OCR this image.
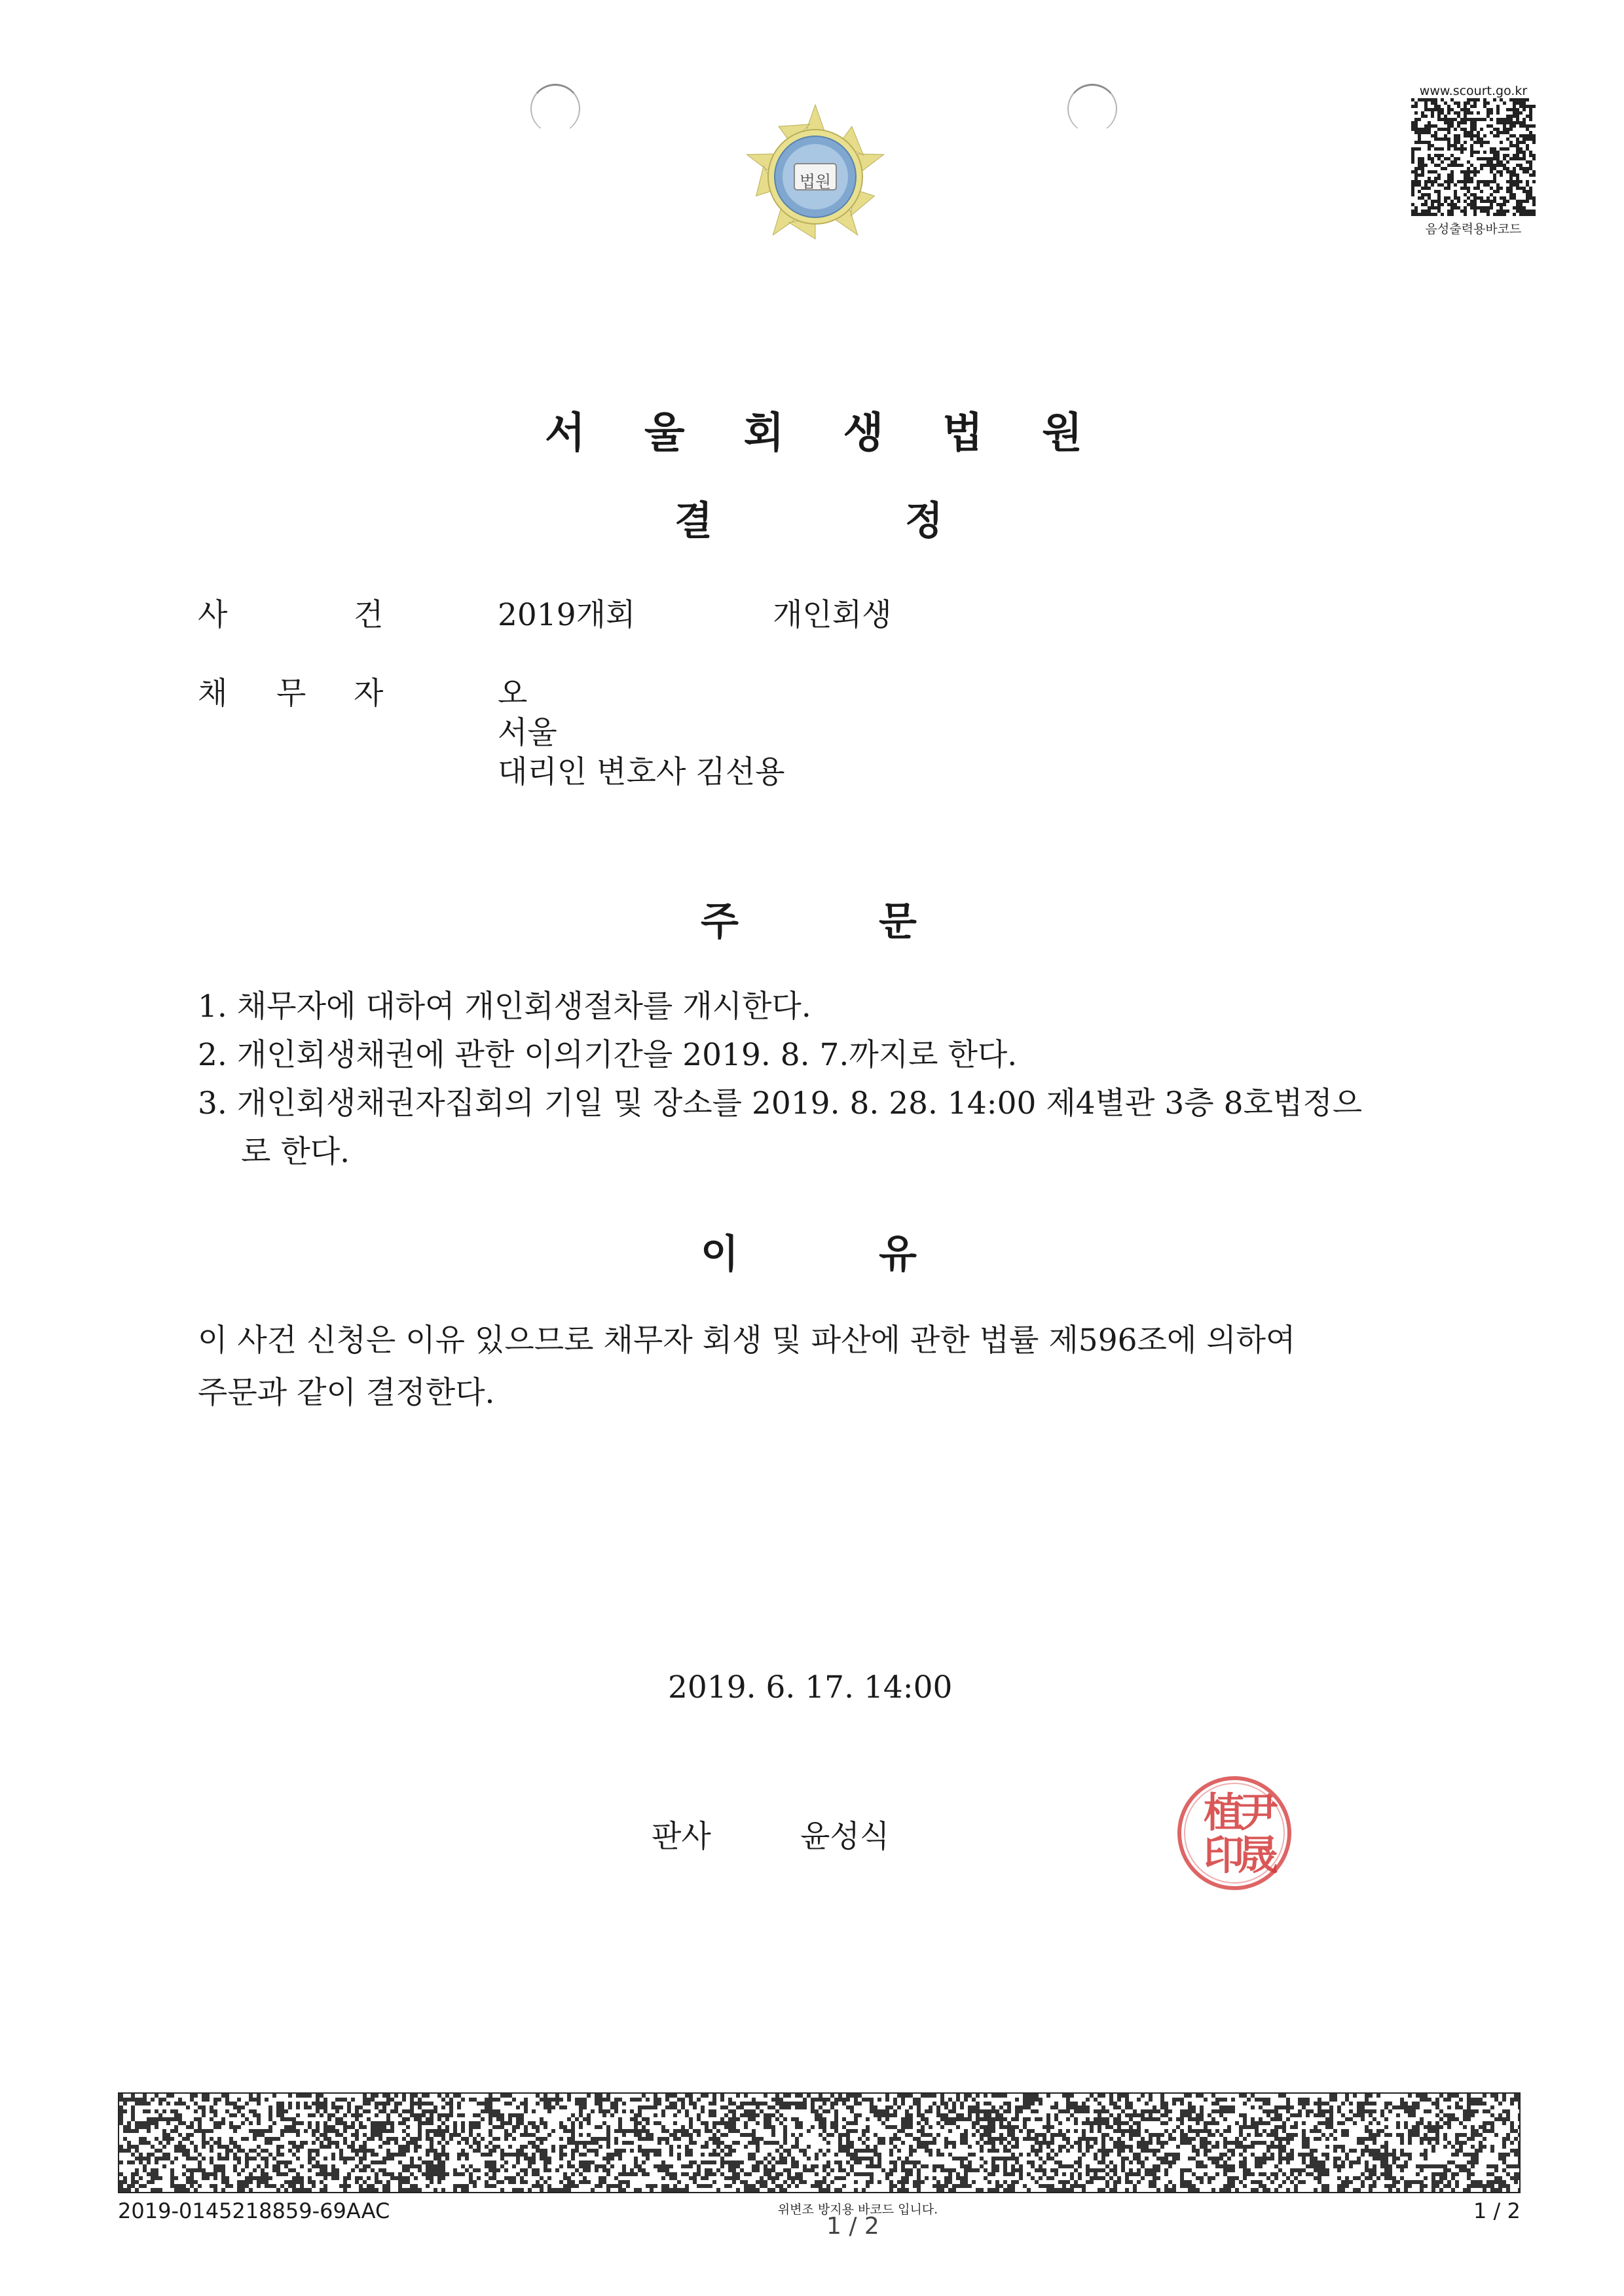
법원
www.scourt.go.kr
음성출력용바코드
서울회생법원
결	정
사	건	2019개회	개인회생
채 무 자	오
서울
대리인 변호사 김선용
주	문
1. 채무자에 대하여 개인회생절차를 개시한다.
2. 개인회생채권에 관한 이의기간을 2019. 8. 7.까지로 한다.
3. 개인회생채권자집회의 기일 및 장소를 2019. 8. 28. 14:00 제4별관 3층 8호법정으
로 한다.
이	유
이 사건 신청은 이유 있으므로 채무자 회생 및 파산에 관한 법률 제596조에 의하여
주문과 같이 결정한다.
2019. 6. 17. 14:00
판사	윤성식
植
尹
印
晟
2019-0145218859-69AAC	위변조 방지용 바코드 입니다.
1 / 2
1 / 2
